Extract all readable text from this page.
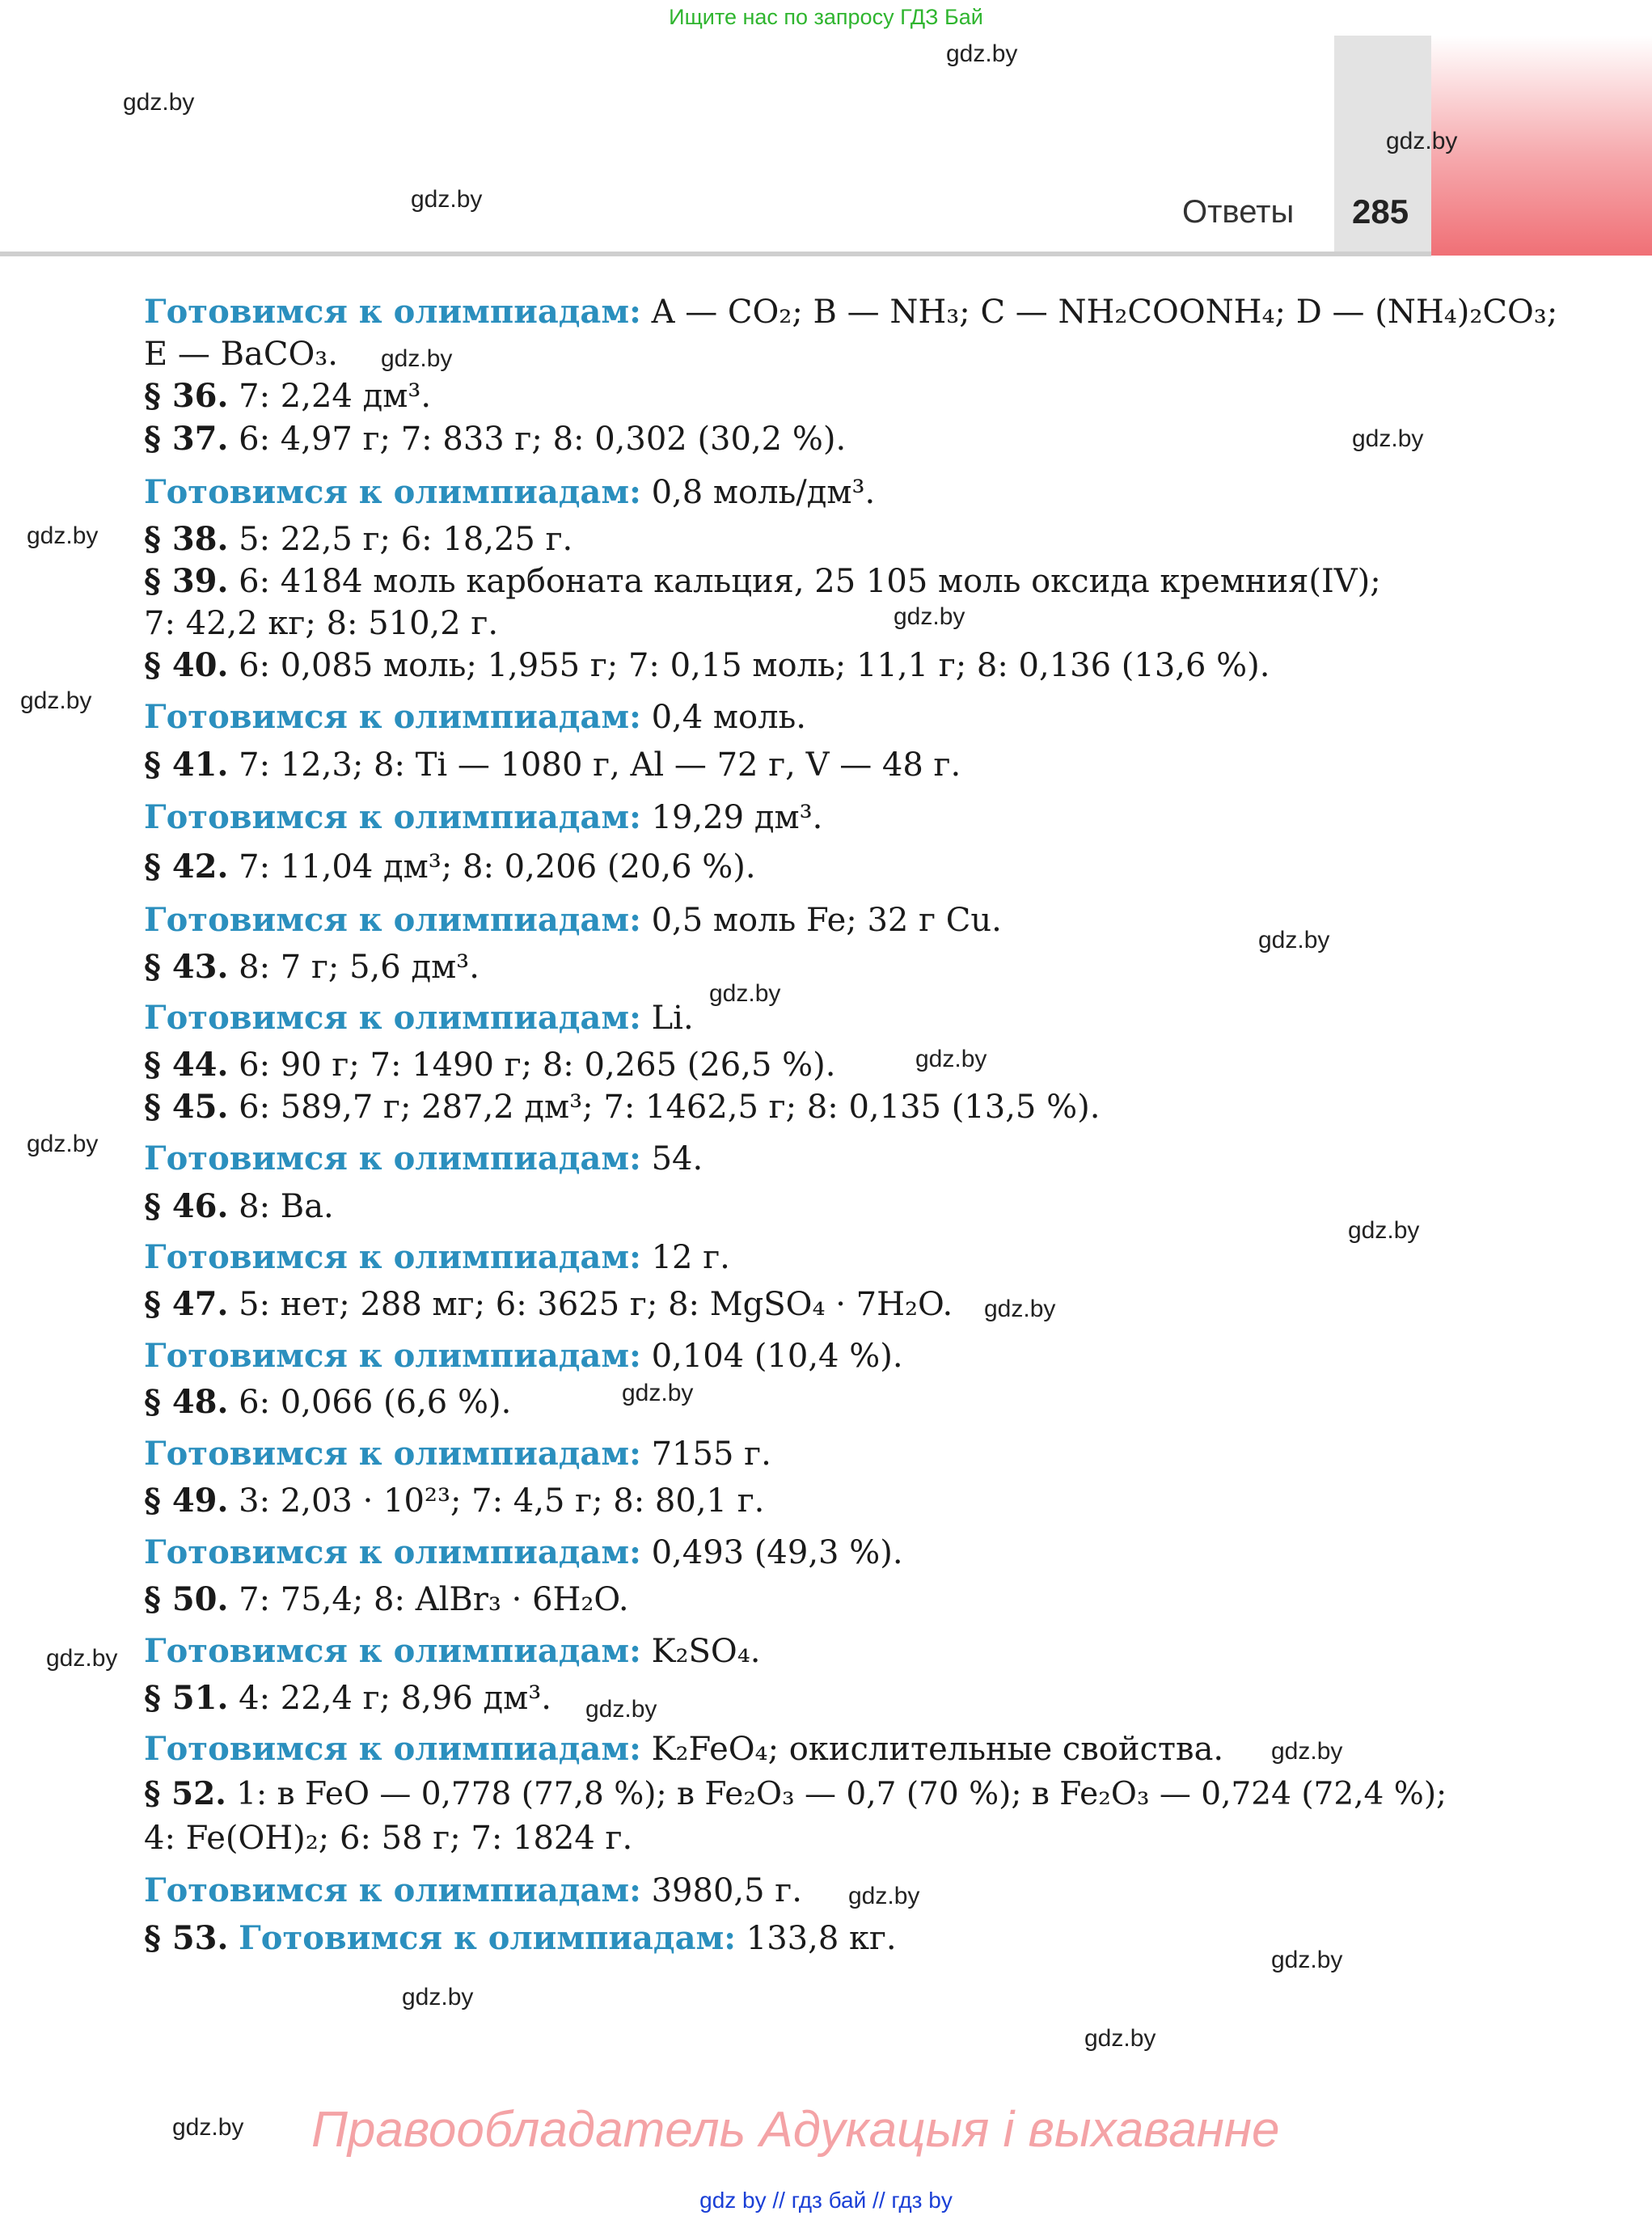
Ищите нас по запросу ГДЗ Бай
Ответы 285
gdz.by
gdz.by
gdz.by
gdz.by
gdz.by
gdz.by
gdz.by
gdz.by
gdz.by
gdz.by
gdz.by
gdz.by
gdz.by
gdz.by
gdz.by
gdz.by
gdz.by
gdz.by
gdz.by
gdz.by
gdz.by
gdz.by
gdz.by
gdz.by
Готовимся к олимпиадам: A — CO₂; B — NH₃; C — NH₂COONH₄; D — (NH₄)₂CO₃;
E — BaCO₃.
§ 36. 7: 2,24 дм³.
§ 37. 6: 4,97 г; 7: 833 г; 8: 0,302 (30,2 %).
Готовимся к олимпиадам: 0,8 моль/дм³.
§ 38. 5: 22,5 г; 6: 18,25 г.
§ 39. 6: 4184 моль карбоната кальция, 25 105 моль оксида кремния(IV);
7: 42,2 кг; 8: 510,2 г.
§ 40. 6: 0,085 моль; 1,955 г; 7: 0,15 моль; 11,1 г; 8: 0,136 (13,6 %).
Готовимся к олимпиадам: 0,4 моль.
§ 41. 7: 12,3; 8: Ti — 1080 г, Al — 72 г, V — 48 г.
Готовимся к олимпиадам: 19,29 дм³.
§ 42. 7: 11,04 дм³; 8: 0,206 (20,6 %).
Готовимся к олимпиадам: 0,5 моль Fe; 32 г Cu.
§ 43. 8: 7 г; 5,6 дм³.
Готовимся к олимпиадам: Li.
§ 44. 6: 90 г; 7: 1490 г; 8: 0,265 (26,5 %).
§ 45. 6: 589,7 г; 287,2 дм³; 7: 1462,5 г; 8: 0,135 (13,5 %).
Готовимся к олимпиадам: 54.
§ 46. 8: Ba.
Готовимся к олимпиадам: 12 г.
§ 47. 5: нет; 288 мг; 6: 3625 г; 8: MgSO₄ · 7H₂O.
Готовимся к олимпиадам: 0,104 (10,4 %).
§ 48. 6: 0,066 (6,6 %).
Готовимся к олимпиадам: 7155 г.
§ 49. 3: 2,03 · 10²³; 7: 4,5 г; 8: 80,1 г.
Готовимся к олимпиадам: 0,493 (49,3 %).
§ 50. 7: 75,4; 8: AlBr₃ · 6H₂O.
Готовимся к олимпиадам: K₂SO₄.
§ 51. 4: 22,4 г; 8,96 дм³.
Готовимся к олимпиадам: K₂FeO₄; окислительные свойства.
§ 52. 1: в FeO — 0,778 (77,8 %); в Fe₂O₃ — 0,7 (70 %); в Fe₂O₃ — 0,724 (72,4 %);
4: Fe(OH)₂; 6: 58 г; 7: 1824 г.
Готовимся к олимпиадам: 3980,5 г.
§ 53. Готовимся к олимпиадам: 133,8 кг.
Правообладатель Адукацыя і выхаванне
gdz by // гдз бай // гдз by
